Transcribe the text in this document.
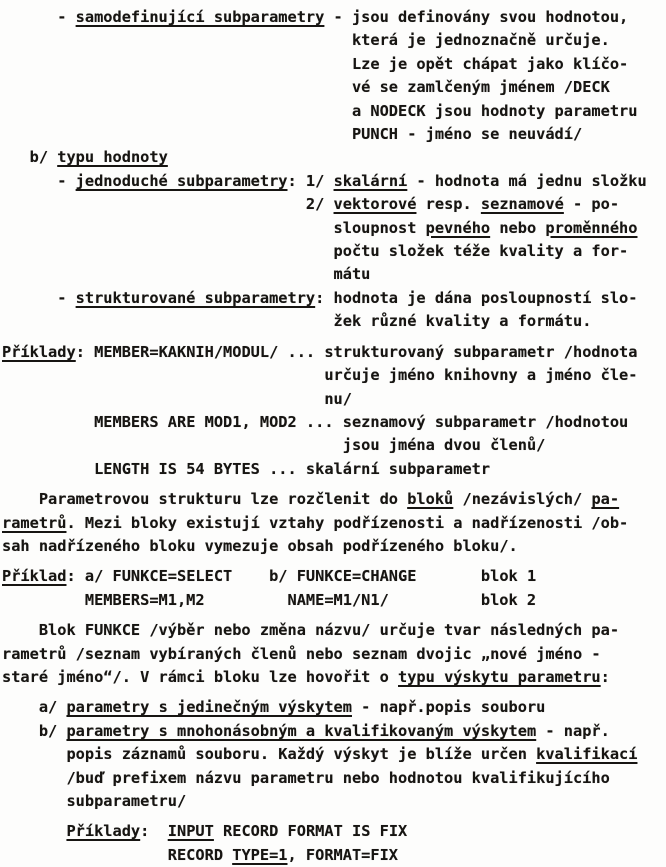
- samodefinující subparametry - jsou definovány svou hodnotou,
která je jednoznačně určuje.
Lze je opět chápat jako klíčo-
vé se zamlčeným jménem /DECK
a NODECK jsou hodnoty parametru
PUNCH - jméno se neuvádí/
b/ typu hodnoty
- jednoduché subparametry: 1/ skalární - hodnota má jednu složku
2/ vektorové resp. seznamové - po-
sloupnost pevného nebo proměnného
počtu složek téže kvality a for-
mátu
- strukturované subparametry: hodnota je dána posloupností slo-
žek různé kvality a formátu.
Příklady: MEMBER=KAKNIH/MODUL/ ... strukturovaný subparametr /hodnota
určuje jméno knihovny a jméno čle-
nu/
MEMBERS ARE MOD1, MOD2 ... seznamový subparametr /hodnotou
jsou jména dvou členů/
LENGTH IS 54 BYTES ... skalární subparametr
Parametrovou strukturu lze rozčlenit do bloků /nezávislých/ pa-
rametrů. Mezi bloky existují vztahy podřízenosti a nadřízenosti /ob-
sah nadřízeného bloku vymezuje obsah podřízeného bloku/.
Příklad: a/ FUNKCE=SELECT    b/ FUNKCE=CHANGE       blok 1
MEMBERS=M1,M2         NAME=M1/N1/          blok 2
Blok FUNKCE /výběr nebo změna názvu/ určuje tvar následných pa-
rametrů /seznam vybíraných členů nebo seznam dvojic „nové jméno -
staré jméno“/. V rámci bloku lze hovořit o typu výskytu parametru:
a/ parametry s jedinečným výskytem - např.popis souboru
b/ parametry s mnohonásobným a kvalifikovaným výskytem - např.
popis záznamů souboru. Každý výskyt je blíže určen kvalifikací
/buď prefixem názvu parametru nebo hodnotou kvalifikujícího
subparametru/
Příklady:  INPUT RECORD FORMAT IS FIX
RECORD TYPE=1, FORMAT=FIX
